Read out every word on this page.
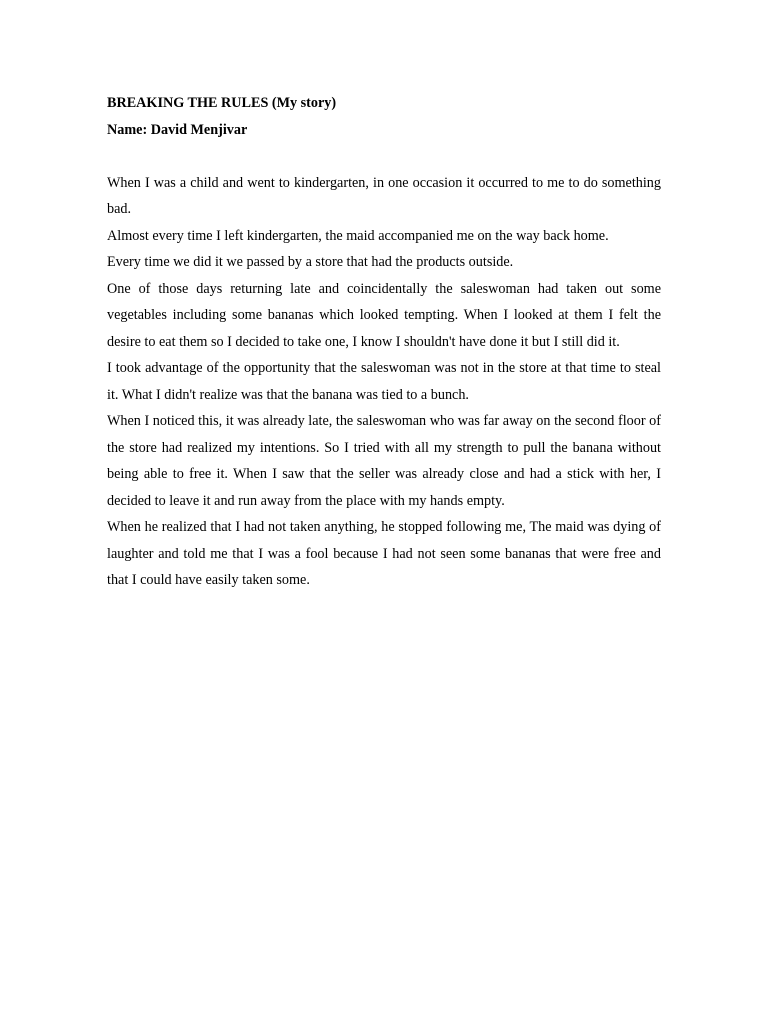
BREAKING THE RULES (My story)

Name: David Menjivar

When I was a child and went to kindergarten, in one occasion it occurred to me to do something bad.

Almost every time I left kindergarten, the maid accompanied me on the way back home.

Every time we did it we passed by a store that had the products outside.

One of those days returning late and coincidentally the saleswoman had taken out some vegetables including some bananas which looked tempting. When I looked at them I felt the desire to eat them so I decided to take one, I know I shouldn't have done it but I still did it.

I took advantage of the opportunity that the saleswoman was not in the store at that time to steal it. What I didn't realize was that the banana was tied to a bunch.

When I noticed this, it was already late, the saleswoman who was far away on the second floor of the store had realized my intentions. So I tried with all my strength to pull the banana without being able to free it. When I saw that the seller was already close and had a stick with her, I decided to leave it and run away from the place with my hands empty.

When he realized that I had not taken anything, he stopped following me, The maid was dying of laughter and told me that I was a fool because I had not seen some bananas that were free and that I could have easily taken some.
